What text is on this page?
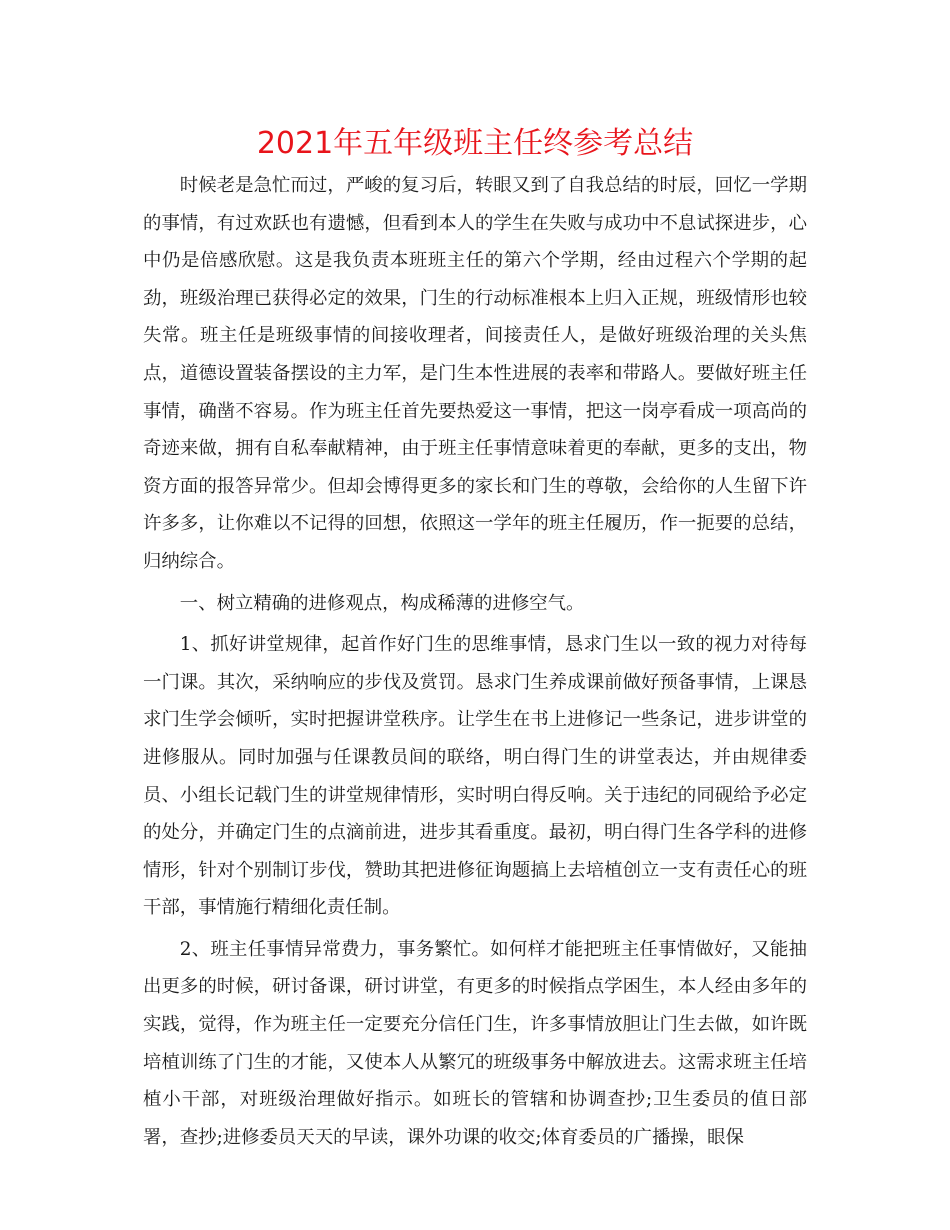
2021年五年级班主任终参考总结

时候老是急忙而过，严峻的复习后，转眼又到了自我总结的时辰，回忆一学期的事情，有过欢跃也有遗憾，但看到本人的学生在失败与成功中不息试探进步，心中仍是倍感欣慰。这是我负责本班班主任的第六个学期，经由过程六个学期的起劲，班级治理已获得必定的效果，门生的行动标准根本上归入正规，班级情形也较失常。班主任是班级事情的间接收理者，间接责任人，是做好班级治理的关头焦点，道德设置装备摆设的主力军，是门生本性进展的表率和带路人。要做好班主任事情，确凿不容易。作为班主任首先要热爱这一事情，把这一岗亭看成一项高尚的奇迹来做，拥有自私奉献精神，由于班主任事情意味着更的奉献，更多的支出，物资方面的报答异常少。但却会博得更多的家长和门生的尊敬，会给你的人生留下许许多多，让你难以不记得的回想，依照这一学年的班主任履历，作一扼要的总结，归纳综合。

一、树立精确的进修观点，构成稀薄的进修空气。

1、抓好讲堂规律，起首作好门生的思维事情，恳求门生以一致的视力对待每一门课。其次，采纳响应的步伐及赏罚。恳求门生养成课前做好预备事情，上课恳求门生学会倾听，实时把握讲堂秩序。让学生在书上进修记一些条记，进步讲堂的进修服从。同时加强与任课教员间的联络，明白得门生的讲堂表达，并由规律委员、小组长记载门生的讲堂规律情形，实时明白得反响。关于违纪的同砚给予必定的处分，并确定门生的点滴前进，进步其看重度。最初，明白得门生各学科的进修情形，针对个别制订步伐，赞助其把进修征询题搞上去培植创立一支有责任心的班干部，事情施行精细化责任制。

2、班主任事情异常费力，事务繁忙。如何样才能把班主任事情做好，又能抽出更多的时候，研讨备课，研讨讲堂，有更多的时候指点学困生，本人经由多年的实践，觉得，作为班主任一定要充分信任门生，许多事情放胆让门生去做，如许既培植训练了门生的才能，又使本人从繁冗的班级事务中解放进去。这需求班主任培植小干部，对班级治理做好指示。如班长的管辖和协调查抄;卫生委员的值日部署，查抄;进修委员天天的早读，课外功课的收交;体育委员的广播操，眼保
